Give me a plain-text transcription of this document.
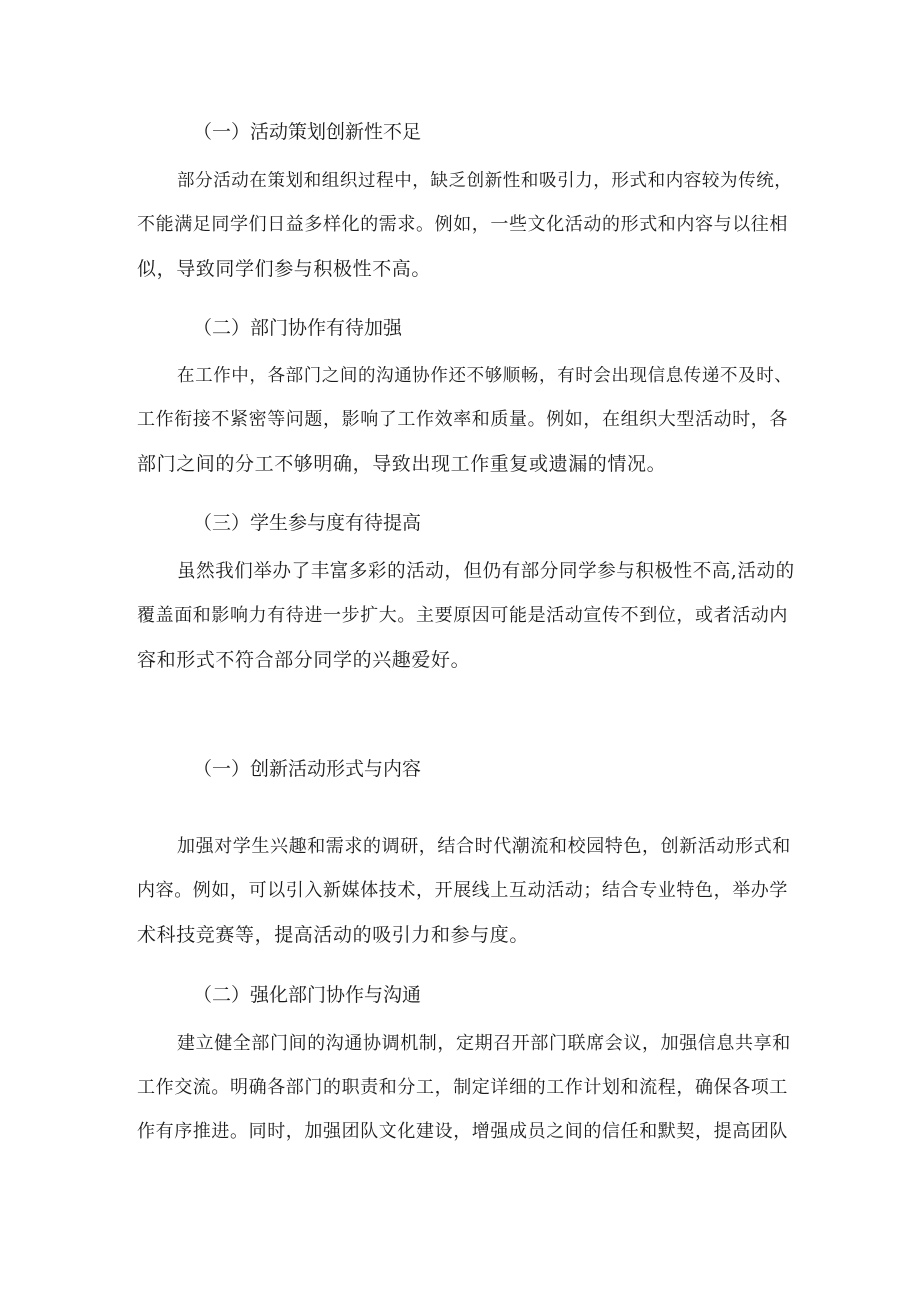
（一）活动策划创新性不足
部分活动在策划和组织过程中，缺乏创新性和吸引力，形式和内容较为传统，
不能满足同学们日益多样化的需求。例如，一些文化活动的形式和内容与以往相
似，导致同学们参与积极性不高。
（二）部门协作有待加强
在工作中，各部门之间的沟通协作还不够顺畅，有时会出现信息传递不及时、
工作衔接不紧密等问题，影响了工作效率和质量。例如，在组织大型活动时，各
部门之间的分工不够明确，导致出现工作重复或遗漏的情况。
（三）学生参与度有待提高
虽然我们举办了丰富多彩的活动，但仍有部分同学参与积极性不高,活动的
覆盖面和影响力有待进一步扩大。主要原因可能是活动宣传不到位，或者活动内
容和形式不符合部分同学的兴趣爱好。
（一）创新活动形式与内容
加强对学生兴趣和需求的调研，结合时代潮流和校园特色，创新活动形式和
内容。例如，可以引入新媒体技术，开展线上互动活动；结合专业特色，举办学
术科技竞赛等，提高活动的吸引力和参与度。
（二）强化部门协作与沟通
建立健全部门间的沟通协调机制，定期召开部门联席会议，加强信息共享和
工作交流。明确各部门的职责和分工，制定详细的工作计划和流程，确保各项工
作有序推进。同时，加强团队文化建设，增强成员之间的信任和默契，提高团队
